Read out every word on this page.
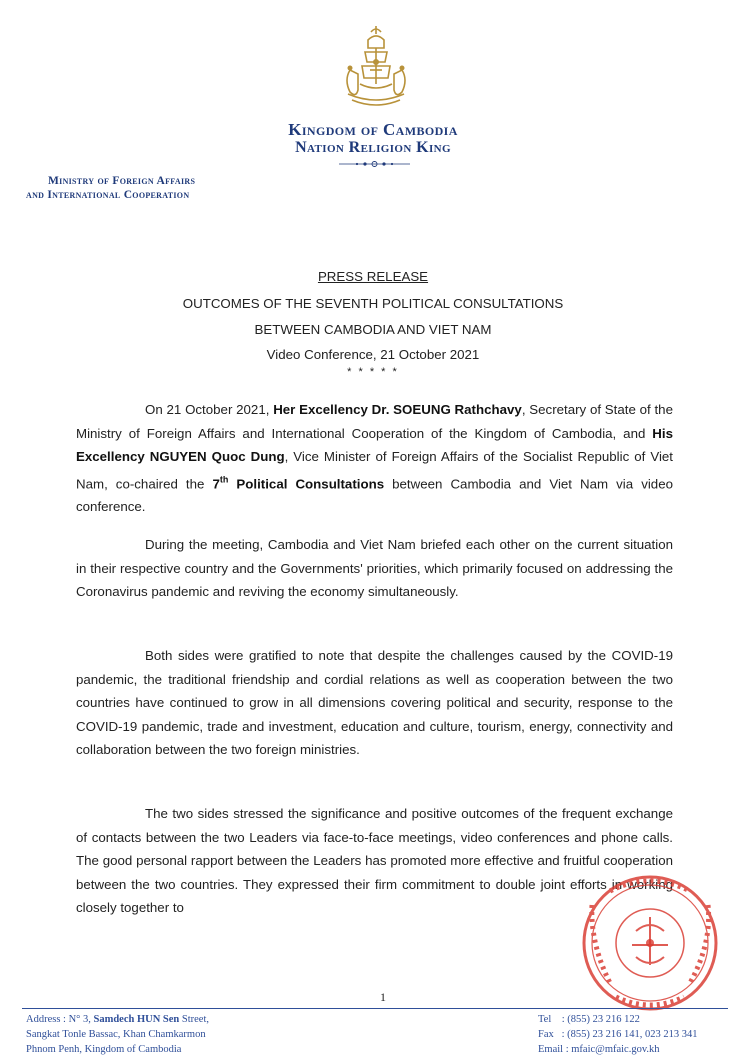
Kingdom of Cambodia
Nation Religion King
Ministry of Foreign Affairs
and International Cooperation
PRESS RELEASE
OUTCOMES OF THE SEVENTH POLITICAL CONSULTATIONS
BETWEEN CAMBODIA AND VIET NAM
Video Conference, 21 October 2021
* * * * *

On 21 October 2021, Her Excellency Dr. SOEUNG Rathchavy, Secretary of State of the Ministry of Foreign Affairs and International Cooperation of the Kingdom of Cambodia, and His Excellency NGUYEN Quoc Dung, Vice Minister of Foreign Affairs of the Socialist Republic of Viet Nam, co-chaired the 7th Political Consultations between Cambodia and Viet Nam via video conference.

During the meeting, Cambodia and Viet Nam briefed each other on the current situation in their respective country and the Governments' priorities, which primarily focused on addressing the Coronavirus pandemic and reviving the economy simultaneously.

Both sides were gratified to note that despite the challenges caused by the COVID-19 pandemic, the traditional friendship and cordial relations as well as cooperation between the two countries have continued to grow in all dimensions covering political and security, response to the COVID-19 pandemic, trade and investment, education and culture, tourism, energy, connectivity and collaboration between the two foreign ministries.

The two sides stressed the significance and positive outcomes of the frequent exchange of contacts between the two Leaders via face-to-face meetings, video conferences and phone calls. The good personal rapport between the Leaders has promoted more effective and fruitful cooperation between the two countries. They expressed their firm commitment to double joint efforts in working closely together to

1
Address : N° 3, Samdech HUN Sen Street,
Sangkat Tonle Bassac, Khan Chamkarmon
Phnom Penh, Kingdom of Cambodia
Tel    : (855) 23 216 122
Fax   : (855) 23 216 141, 023 213 341
Email : mfaic@mfaic.gov.kh
